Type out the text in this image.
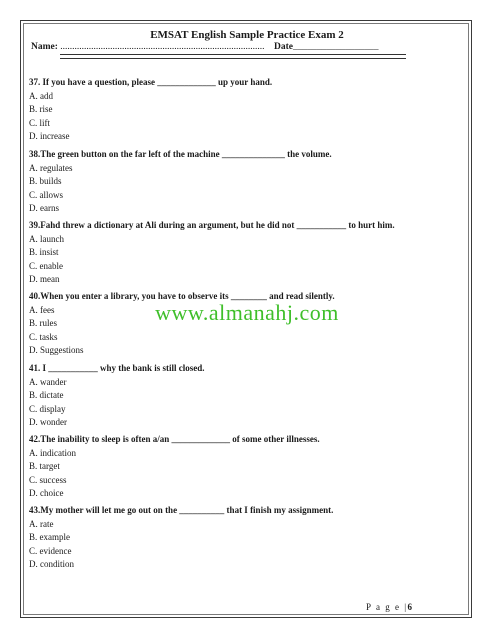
EMSAT English Sample Practice Exam 2
Name: ...................................................................................... Date__________________
37. If you have a question, please _____________ up your hand.
A. add
B. rise
C. lift
D. increase
38.The green button on the far left of the machine ______________ the volume.
A. regulates
B. builds
C. allows
D. earns
39.Fahd threw a dictionary at Ali during an argument, but he did not ___________ to hurt him.
A. launch
B. insist
C. enable
D. mean
40.When you enter a library, you have to observe its ________ and read silently.
A. fees
B. rules
C. tasks
D. Suggestions
41. I ___________ why the bank is still closed.
A. wander
B. dictate
C. display
D. wonder
42.The inability to sleep is often a/an _____________ of some other illnesses.
A. indication
B. target
C. success
D. choice
43.My mother will let me go out on the __________ that I finish my assignment.
A. rate
B. example
C. evidence
D. condition
www.almanahj.com
P a g e |6
